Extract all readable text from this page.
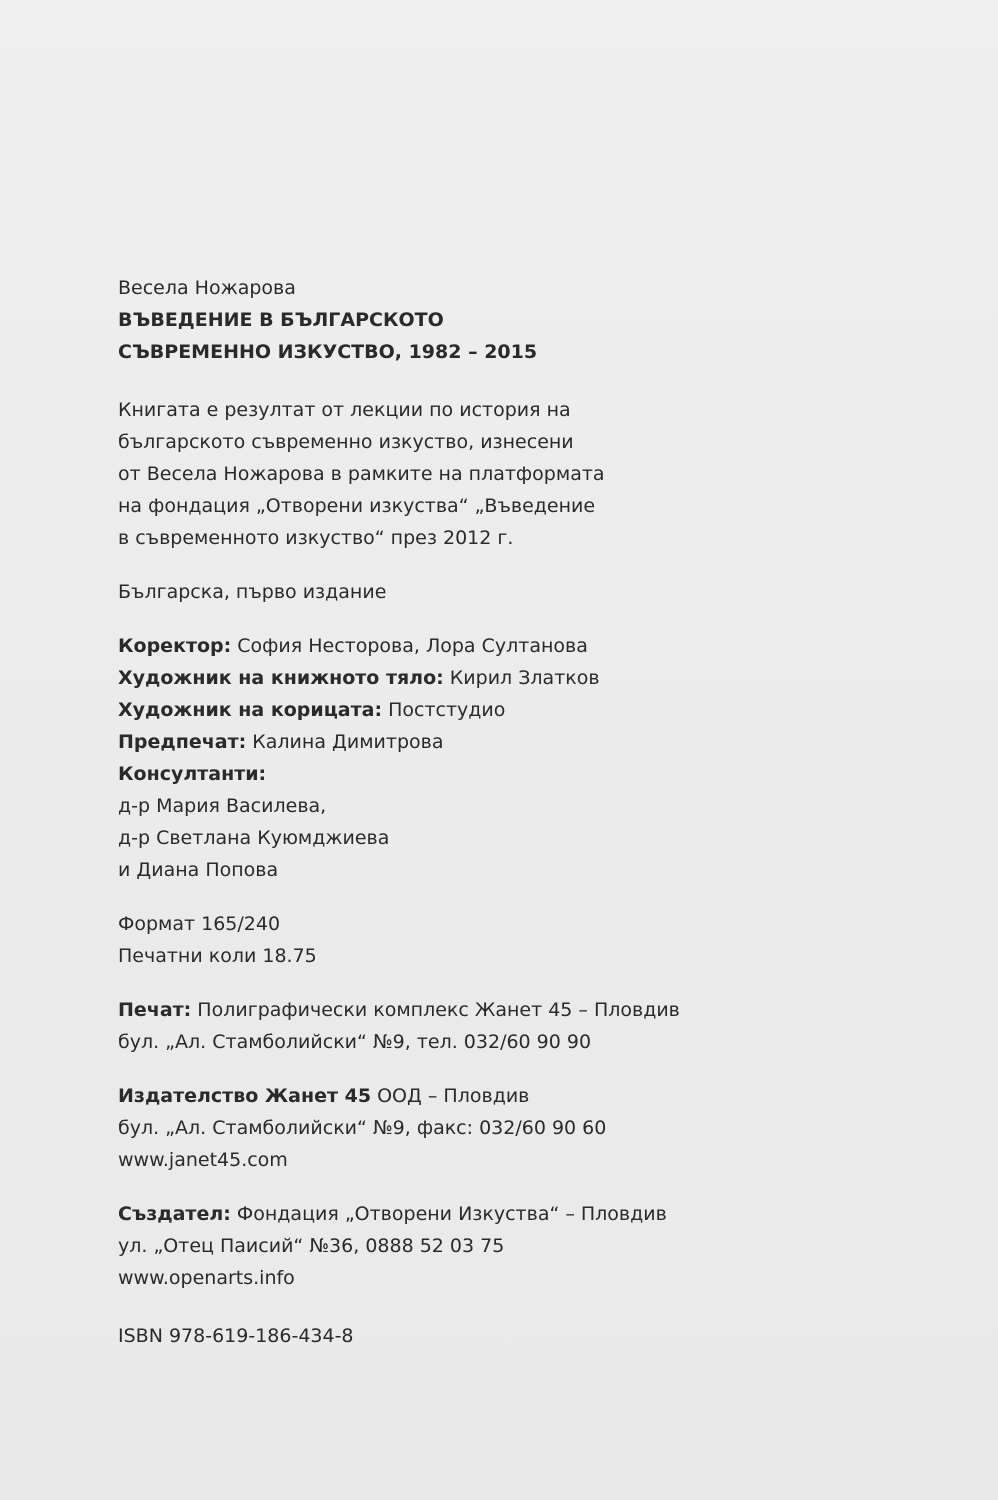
Весела Ножарова
ВЪВЕДЕНИЕ В БЪЛГАРСКОТО
СЪВРЕМЕННО ИЗКУСТВО, 1982 – 2015
Книгата е резултат от лекции по история на
българското съвременно изкуство, изнесени
от Весела Ножарова в рамките на платформата
на фондация „Отворени изкуства“ „Въведение
в съвременното изкуство“ през 2012 г.
Българска, първо издание
Коректор: София Несторова, Лора Султанова
Художник на книжното тяло: Кирил Златков
Художник на корицата: Постстудио
Предпечат: Калина Димитрова
Консултанти:
д-р Мария Василева,
д-р Светлана Куюмджиева
и Диана Попова
Формат 165/240
Печатни коли 18.75
Печат: Полиграфически комплекс Жанет 45 – Пловдив
бул. „Ал. Стамболийски“ №9, тел. 032/60 90 90
Издателство Жанет 45 ООД – Пловдив
бул. „Ал. Стамболийски“ №9, факс: 032/60 90 60
www.janet45.com
Създател: Фондация „Отворени Изкуства“ – Пловдив
ул. „Отец Паисий“ №36, 0888 52 03 75
www.openarts.info
ISBN 978-619-186-434-8
